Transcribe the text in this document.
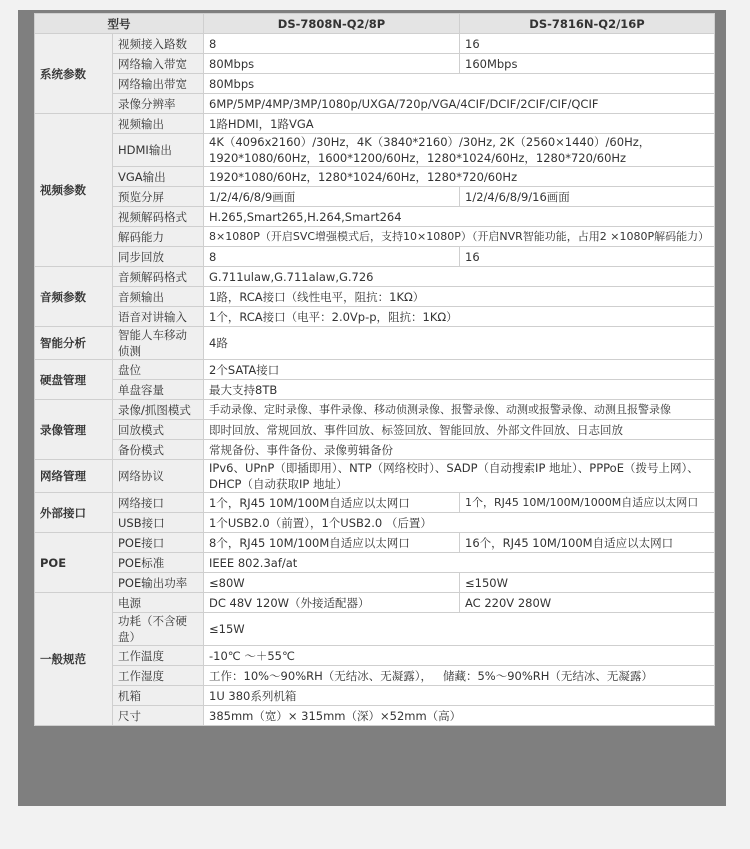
型号		DS-7808N-Q2/8P	DS-7816N-Q2/16P
系统参数	视频接入路数	8	16
	网络输入带宽	80Mbps	160Mbps
	网络输出带宽	80Mbps	
	录像分辨率	6MP/5MP/4MP/3MP/1080p/UXGA/720p/VGA/4CIF/DCIF/2CIF/CIF/QCIF	
视频参数	视频输出	1路HDMI，1路VGA	
	HDMI输出	4K（4096x2160）/30Hz，4K（3840*2160）/30Hz, 2K（2560×1440）/60Hz，1920*1080/60Hz，1600*1200/60Hz，1280*1024/60Hz，1280*720/60Hz	
	VGA输出	1920*1080/60Hz，1280*1024/60Hz，1280*720/60Hz	
	预览分屏	1/2/4/6/8/9画面	1/2/4/6/8/9/16画面
	视频解码格式	H.265,Smart265,H.264,Smart264	
	解码能力	8×1080P（开启SVC增强模式后，支持10×1080P）（开启NVR智能功能，占用2 ×1080P解码能力）	
	同步回放	8	16
音频参数	音频解码格式	G.711ulaw,G.711alaw,G.726	
	音频输出	1路，RCA接口（线性电平，阻抗：1KΩ）	
	语音对讲输入	1个，RCA接口（电平：2.0Vp-p，阻抗：1KΩ）	
智能分析	智能人车移动侦测	4路	
硬盘管理	盘位	2个SATA接口	
	单盘容量	最大支持8TB	
录像管理	录像/抓图模式	手动录像、定时录像、事件录像、移动侦测录像、报警录像、动测或报警录像、动测且报警录像	
	回放模式	即时回放、常规回放、事件回放、标签回放、智能回放、外部文件回放、日志回放	
	备份模式	常规备份、事件备份、录像剪辑备份	
网络管理	网络协议	IPv6、UPnP（即插即用）、NTP（网络校时）、SADP（自动搜索IP 地址）、PPPoE（拨号上网）、DHCP（自动获取IP 地址）	
外部接口	网络接口	1个，RJ45 10M/100M自适应以太网口	1个，RJ45 10M/100M/1000M自适应以太网口
	USB接口	1个USB2.0（前置），1个USB2.0 （后置）	
POE	POE接口	8个，RJ45 10M/100M自适应以太网口	16个，RJ45 10M/100M自适应以太网口
	POE标准	IEEE 802.3af/at	
	POE输出功率	≤80W	≤150W
一般规范	电源	DC 48V 120W（外接适配器）	AC 220V 280W
	功耗（不含硬盘）	≤15W	
	工作温度	-10℃ ～＋55℃	
	工作湿度	工作：10%～90%RH（无结冰、无凝露），   储藏：5%～90%RH（无结冰、无凝露）	
	机箱	1U 380系列机箱	
	尺寸	385mm（宽）× 315mm（深）×52mm（高）	
